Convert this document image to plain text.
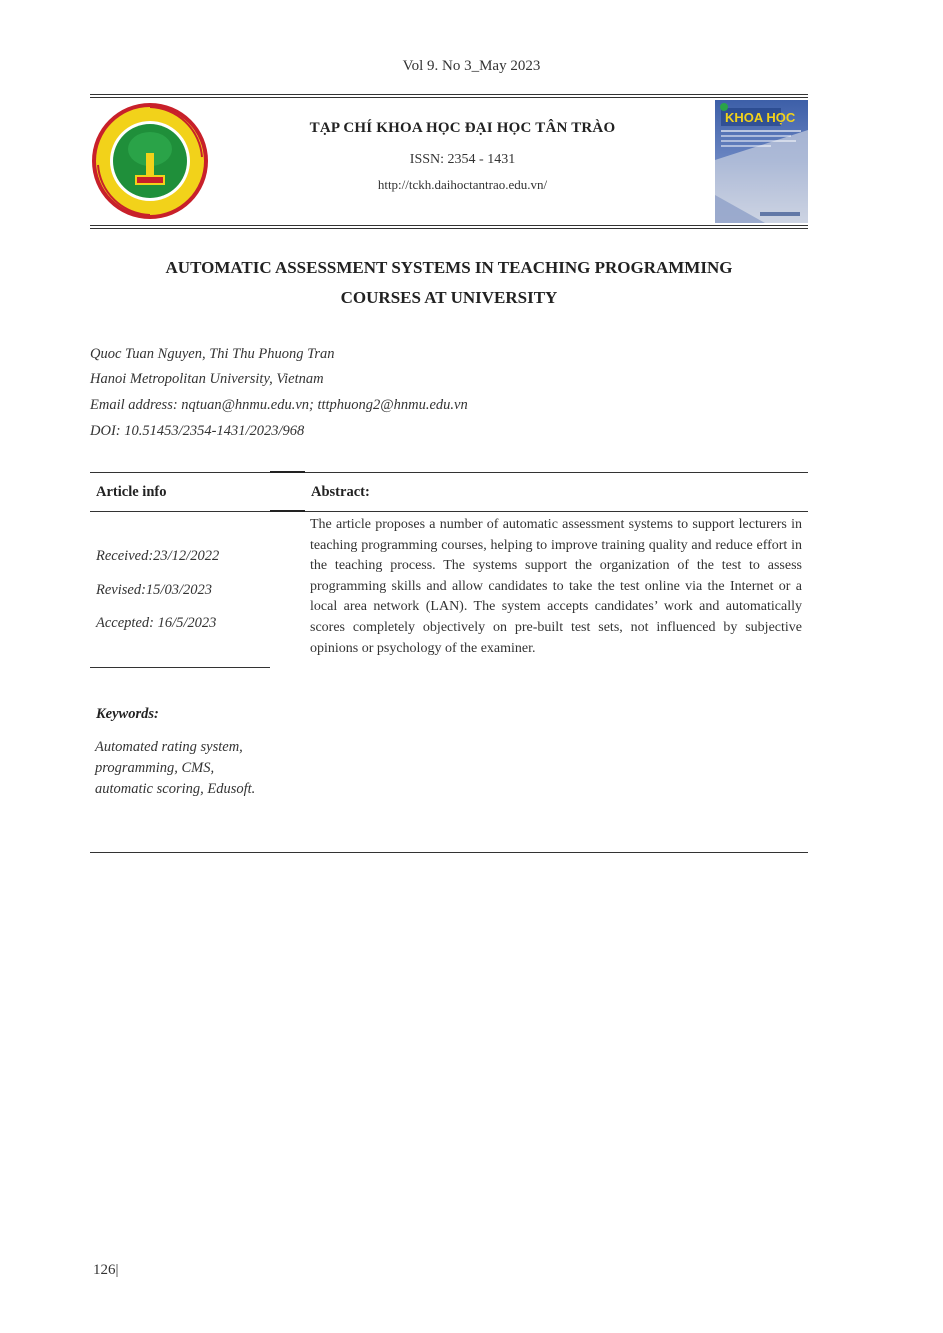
Vol 9. No 3_May 2023
TẠP CHÍ KHOA HỌC ĐẠI HỌC TÂN TRÀO
ISSN: 2354 - 1431
http://tckh.daihoctantrao.edu.vn/
KHOA HỌC
AUTOMATIC ASSESSMENT SYSTEMS IN TEACHING PROGRAMMING
COURSES AT UNIVERSITY
Quoc Tuan Nguyen, Thi Thu Phuong Tran
Hanoi Metropolitan University, Vietnam
Email address: nqtuan@hnmu.edu.vn; tttphuong2@hnmu.edu.vn
DOI: 10.51453/2354-1431/2023/968
Article info	Abstract:
Received:23/12/2022
Revised:15/03/2023
Accepted: 16/5/2023
The article proposes a number of automatic assessment systems to support lecturers in teaching programming courses, helping to improve training quality and reduce effort in the teaching process. The systems support the organization of the test to assess programming skills and allow candidates to take the test online via the Internet or a local area network (LAN). The system accepts candidates’ work and automatically scores completely objectively on pre-built test sets, not influenced by subjective opinions or psychology of the examiner.
Keywords:
Automated rating system, programming, CMS, automatic scoring, Edusoft.
126|
